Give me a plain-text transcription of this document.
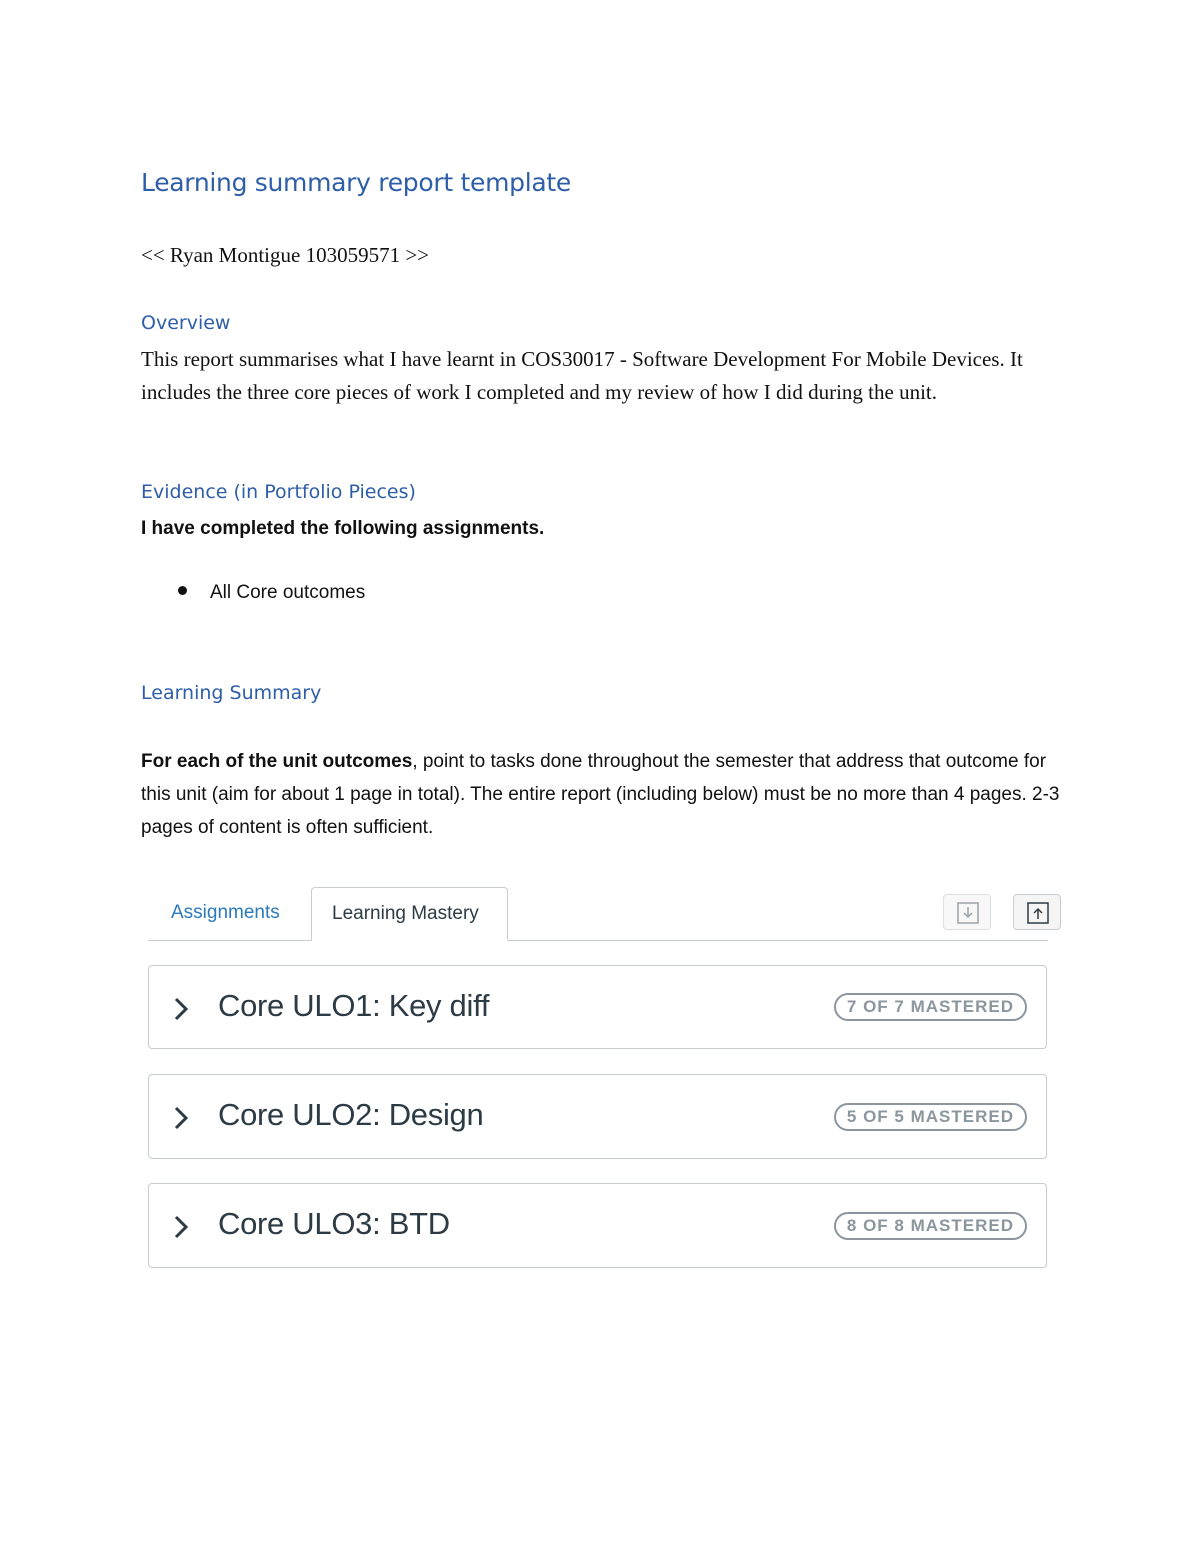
Learning summary report template
<< Ryan Montigue 103059571 >>
Overview
This report summarises what I have learnt in COS30017 - Software Development For Mobile Devices. It includes the three core pieces of work I completed and my review of how I did during the unit.
Evidence (in Portfolio Pieces)
I have completed the following assignments.
All Core outcomes
Learning Summary
For each of the unit outcomes, point to tasks done throughout the semester that address that outcome for this unit (aim for about 1 page in total). The entire report (including below) must be no more than 4 pages. 2-3 pages of content is often sufficient.
Assignments	Learning Mastery
Core ULO1: Key diff	7 OF 7 MASTERED
Core ULO2: Design	5 OF 5 MASTERED
Core ULO3: BTD	8 OF 8 MASTERED
